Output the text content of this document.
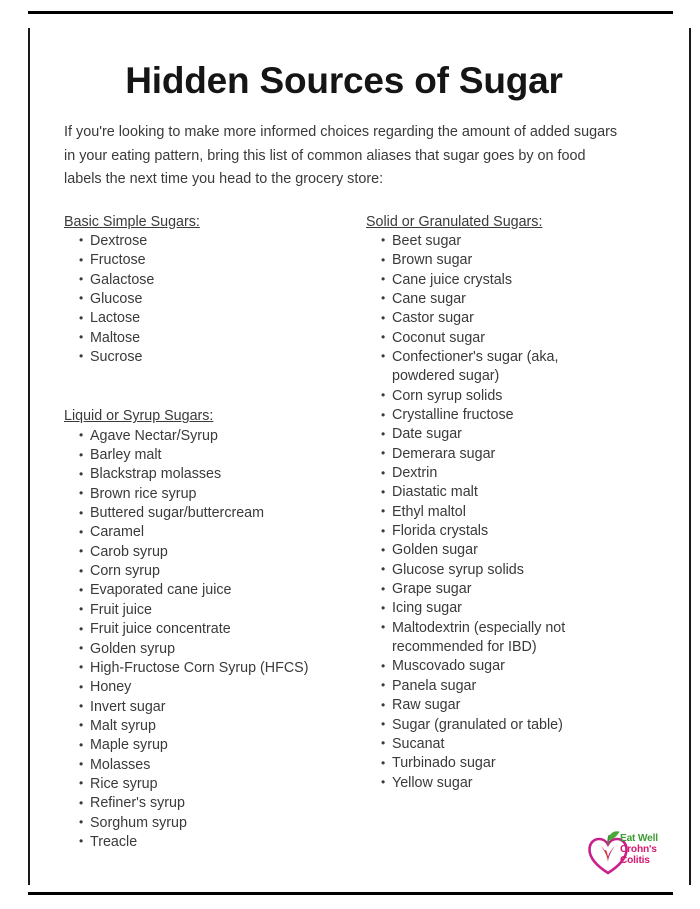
Hidden Sources of Sugar

If you're looking to make more informed choices regarding the amount of added sugars in your eating pattern, bring this list of common aliases that sugar goes by on food labels the next time you head to the grocery store:

Basic Simple Sugars:
• Dextrose
• Fructose
• Galactose
• Glucose
• Lactose
• Maltose
• Sucrose
Liquid or Syrup Sugars:
• Agave Nectar/Syrup
• Barley malt
• Blackstrap molasses
• Brown rice syrup
• Buttered sugar/buttercream
• Caramel
• Carob syrup
• Corn syrup
• Evaporated cane juice
• Fruit juice
• Fruit juice concentrate
• Golden syrup
• High-Fructose Corn Syrup (HFCS)
• Honey
• Invert sugar
• Malt syrup
• Maple syrup
• Molasses
• Rice syrup
• Refiner's syrup
• Sorghum syrup
• Treacle
Solid or Granulated Sugars:
• Beet sugar
• Brown sugar
• Cane juice crystals
• Cane sugar
• Castor sugar
• Coconut sugar
• Confectioner's sugar (aka, powdered sugar)
• Corn syrup solids
• Crystalline fructose
• Date sugar
• Demerara sugar
• Dextrin
• Diastatic malt
• Ethyl maltol
• Florida crystals
• Golden sugar
• Glucose syrup solids
• Grape sugar
• Icing sugar
• Maltodextrin (especially not recommended for IBD)
• Muscovado sugar
• Panela sugar
• Raw sugar
• Sugar (granulated or table)
• Sucanat
• Turbinado sugar
• Yellow sugar
Eat Well
Crohn's
Colitis
